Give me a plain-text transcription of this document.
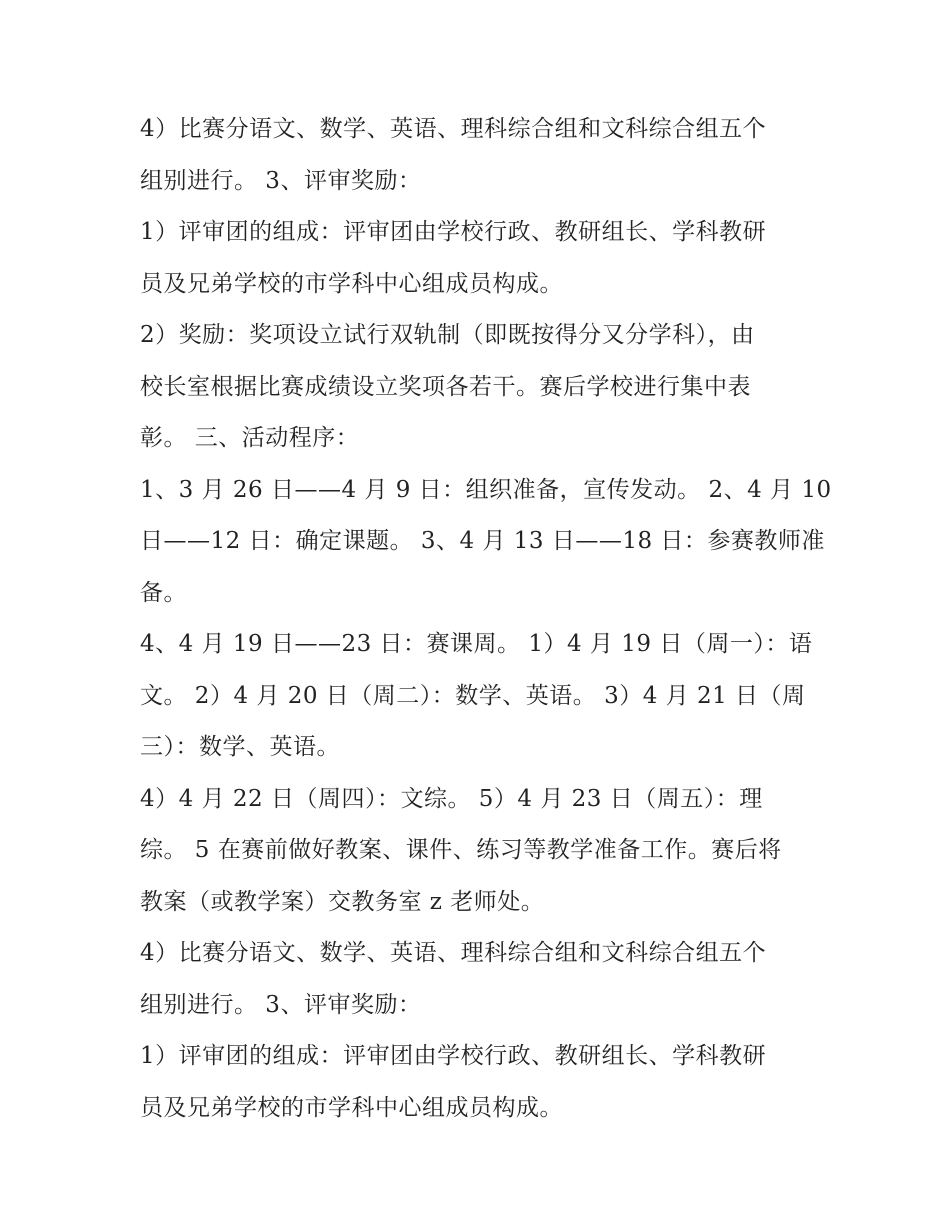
4）比赛分语文、数学、英语、理科综合组和文科综合组五个
组别进行。 3、评审奖励：
1）评审团的组成：评审团由学校行政、教研组长、学科教研
员及兄弟学校的市学科中心组成员构成。
2）奖励：奖项设立试行双轨制（即既按得分又分学科），由
校长室根据比赛成绩设立奖项各若干。赛后学校进行集中表
彰。 三、活动程序：
1、3 月 26 日——4 月 9 日：组织准备，宣传发动。 2、4 月 10
日——12 日：确定课题。 3、4 月 13 日——18 日：参赛教师准
备。
4、4 月 19 日——23 日：赛课周。 1）4 月 19 日（周一）：语
文。 2）4 月 20 日（周二）：数学、英语。 3）4 月 21 日（周
三）：数学、英语。
4）4 月 22 日（周四）：文综。 5）4 月 23 日（周五）：理
综。 5 在赛前做好教案、课件、练习等教学准备工作。赛后将
教案（或教学案）交教务室 z 老师处。
4）比赛分语文、数学、英语、理科综合组和文科综合组五个
组别进行。 3、评审奖励：
1）评审团的组成：评审团由学校行政、教研组长、学科教研
员及兄弟学校的市学科中心组成员构成。
